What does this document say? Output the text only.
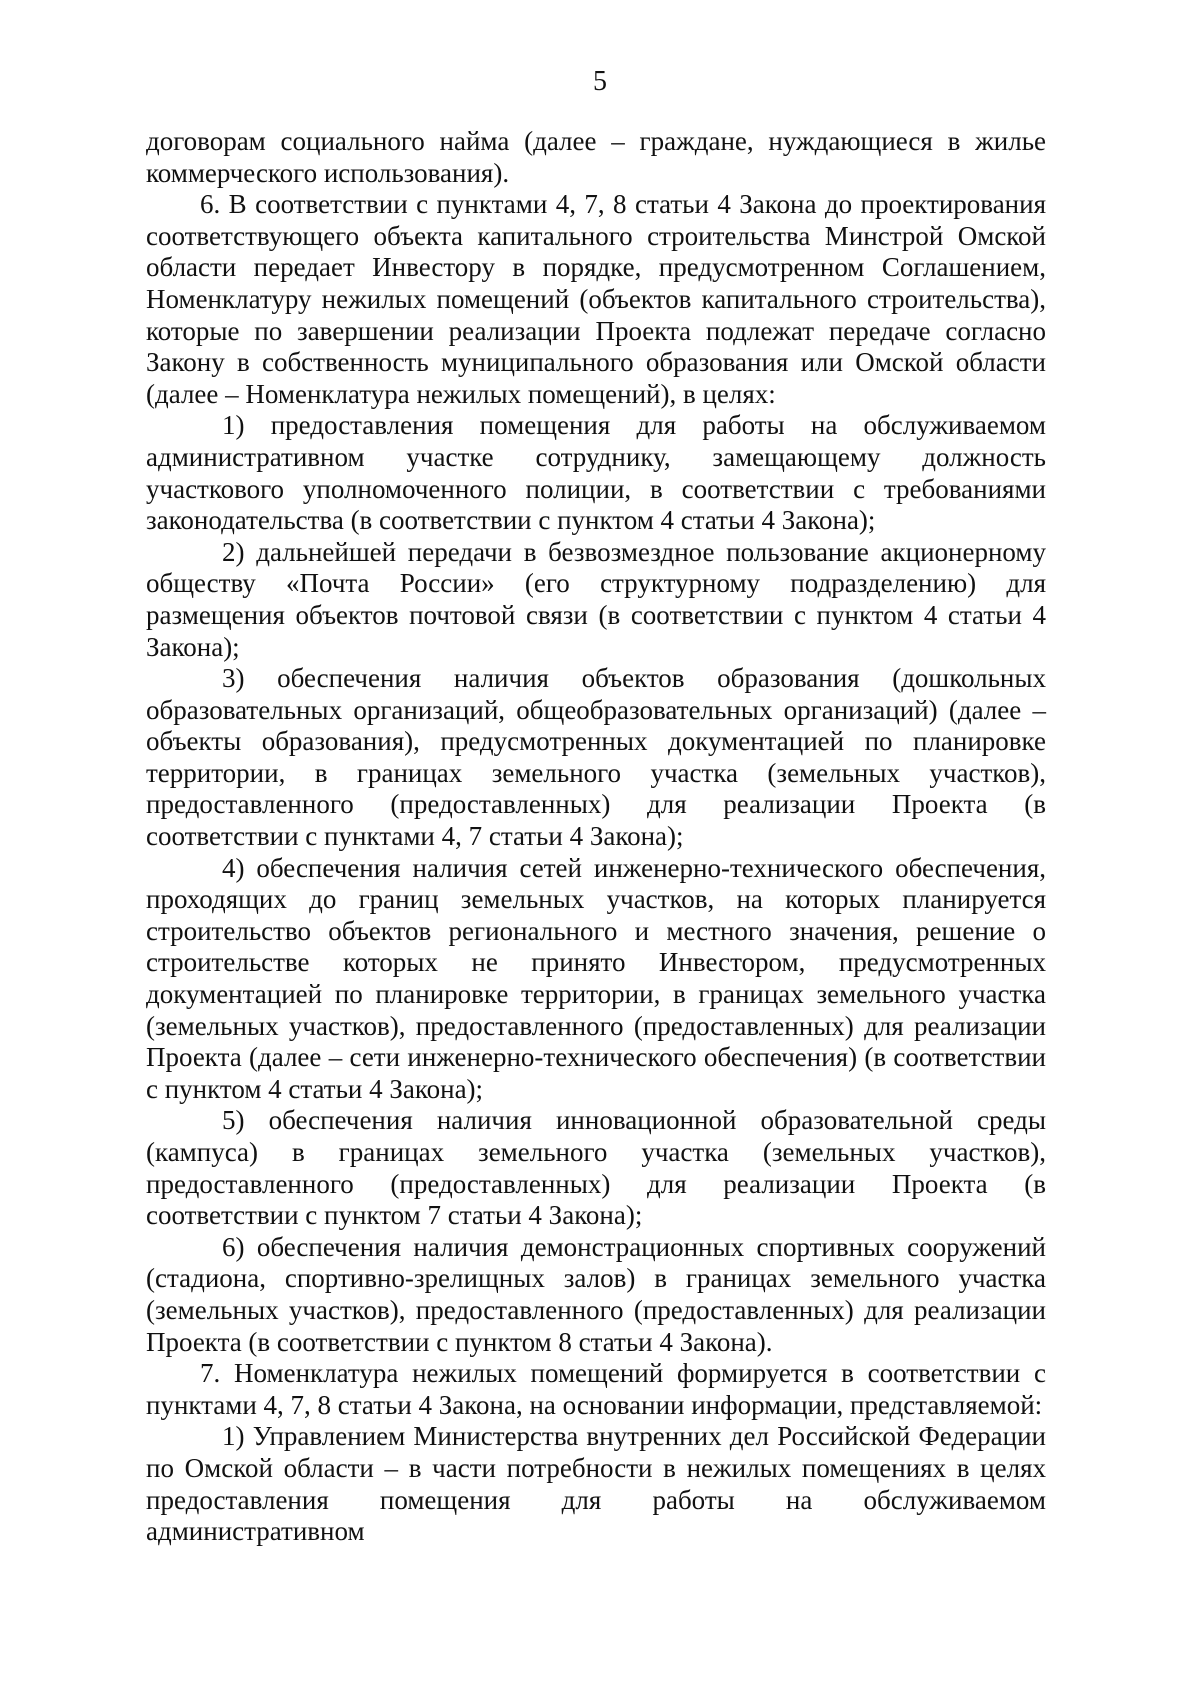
5

договорам социального найма (далее – граждане, нуждающиеся в жилье коммерческого использования).

6. В соответствии с пунктами 4, 7, 8 статьи 4 Закона до проектирования соответствующего объекта капитального строительства Минстрой Омской области передает Инвестору в порядке, предусмотренном Соглашением, Номенклатуру нежилых помещений (объектов капитального строительства), которые по завершении реализации Проекта подлежат передаче согласно Закону в собственность муниципального образования или Омской области (далее – Номенклатура нежилых помещений), в целях:

1) предоставления помещения для работы на обслуживаемом административном участке сотруднику, замещающему должность участкового уполномоченного полиции, в соответствии с требованиями законодательства (в соответствии с пунктом 4 статьи 4 Закона);

2) дальнейшей передачи в безвозмездное пользование акционерному обществу «Почта России» (его структурному подразделению) для размещения объектов почтовой связи (в соответствии с пунктом 4 статьи 4 Закона);

3) обеспечения наличия объектов образования (дошкольных образовательных организаций, общеобразовательных организаций) (далее – объекты образования), предусмотренных документацией по планировке территории, в границах земельного участка (земельных участков), предоставленного (предоставленных) для реализации Проекта (в соответствии с пунктами 4, 7 статьи 4 Закона);

4) обеспечения наличия сетей инженерно-технического обеспечения, проходящих до границ земельных участков, на которых планируется строительство объектов регионального и местного значения, решение о строительстве которых не принято Инвестором, предусмотренных документацией по планировке территории, в границах земельного участка (земельных участков), предоставленного (предоставленных) для реализации Проекта (далее – сети инженерно-технического обеспечения) (в соответствии с пунктом 4 статьи 4 Закона);

5) обеспечения наличия инновационной образовательной среды (кампуса) в границах земельного участка (земельных участков), предоставленного (предоставленных) для реализации Проекта (в соответствии с пунктом 7 статьи 4 Закона);

6) обеспечения наличия демонстрационных спортивных сооружений (стадиона, спортивно-зрелищных залов) в границах земельного участка (земельных участков), предоставленного (предоставленных) для реализации Проекта (в соответствии с пунктом 8 статьи 4 Закона).

7. Номенклатура нежилых помещений формируется в соответствии с пунктами 4, 7, 8 статьи 4 Закона, на основании информации, представляемой:

1) Управлением Министерства внутренних дел Российской Федерации по Омской области – в части потребности в нежилых помещениях в целях предоставления помещения для работы на обслуживаемом административном
